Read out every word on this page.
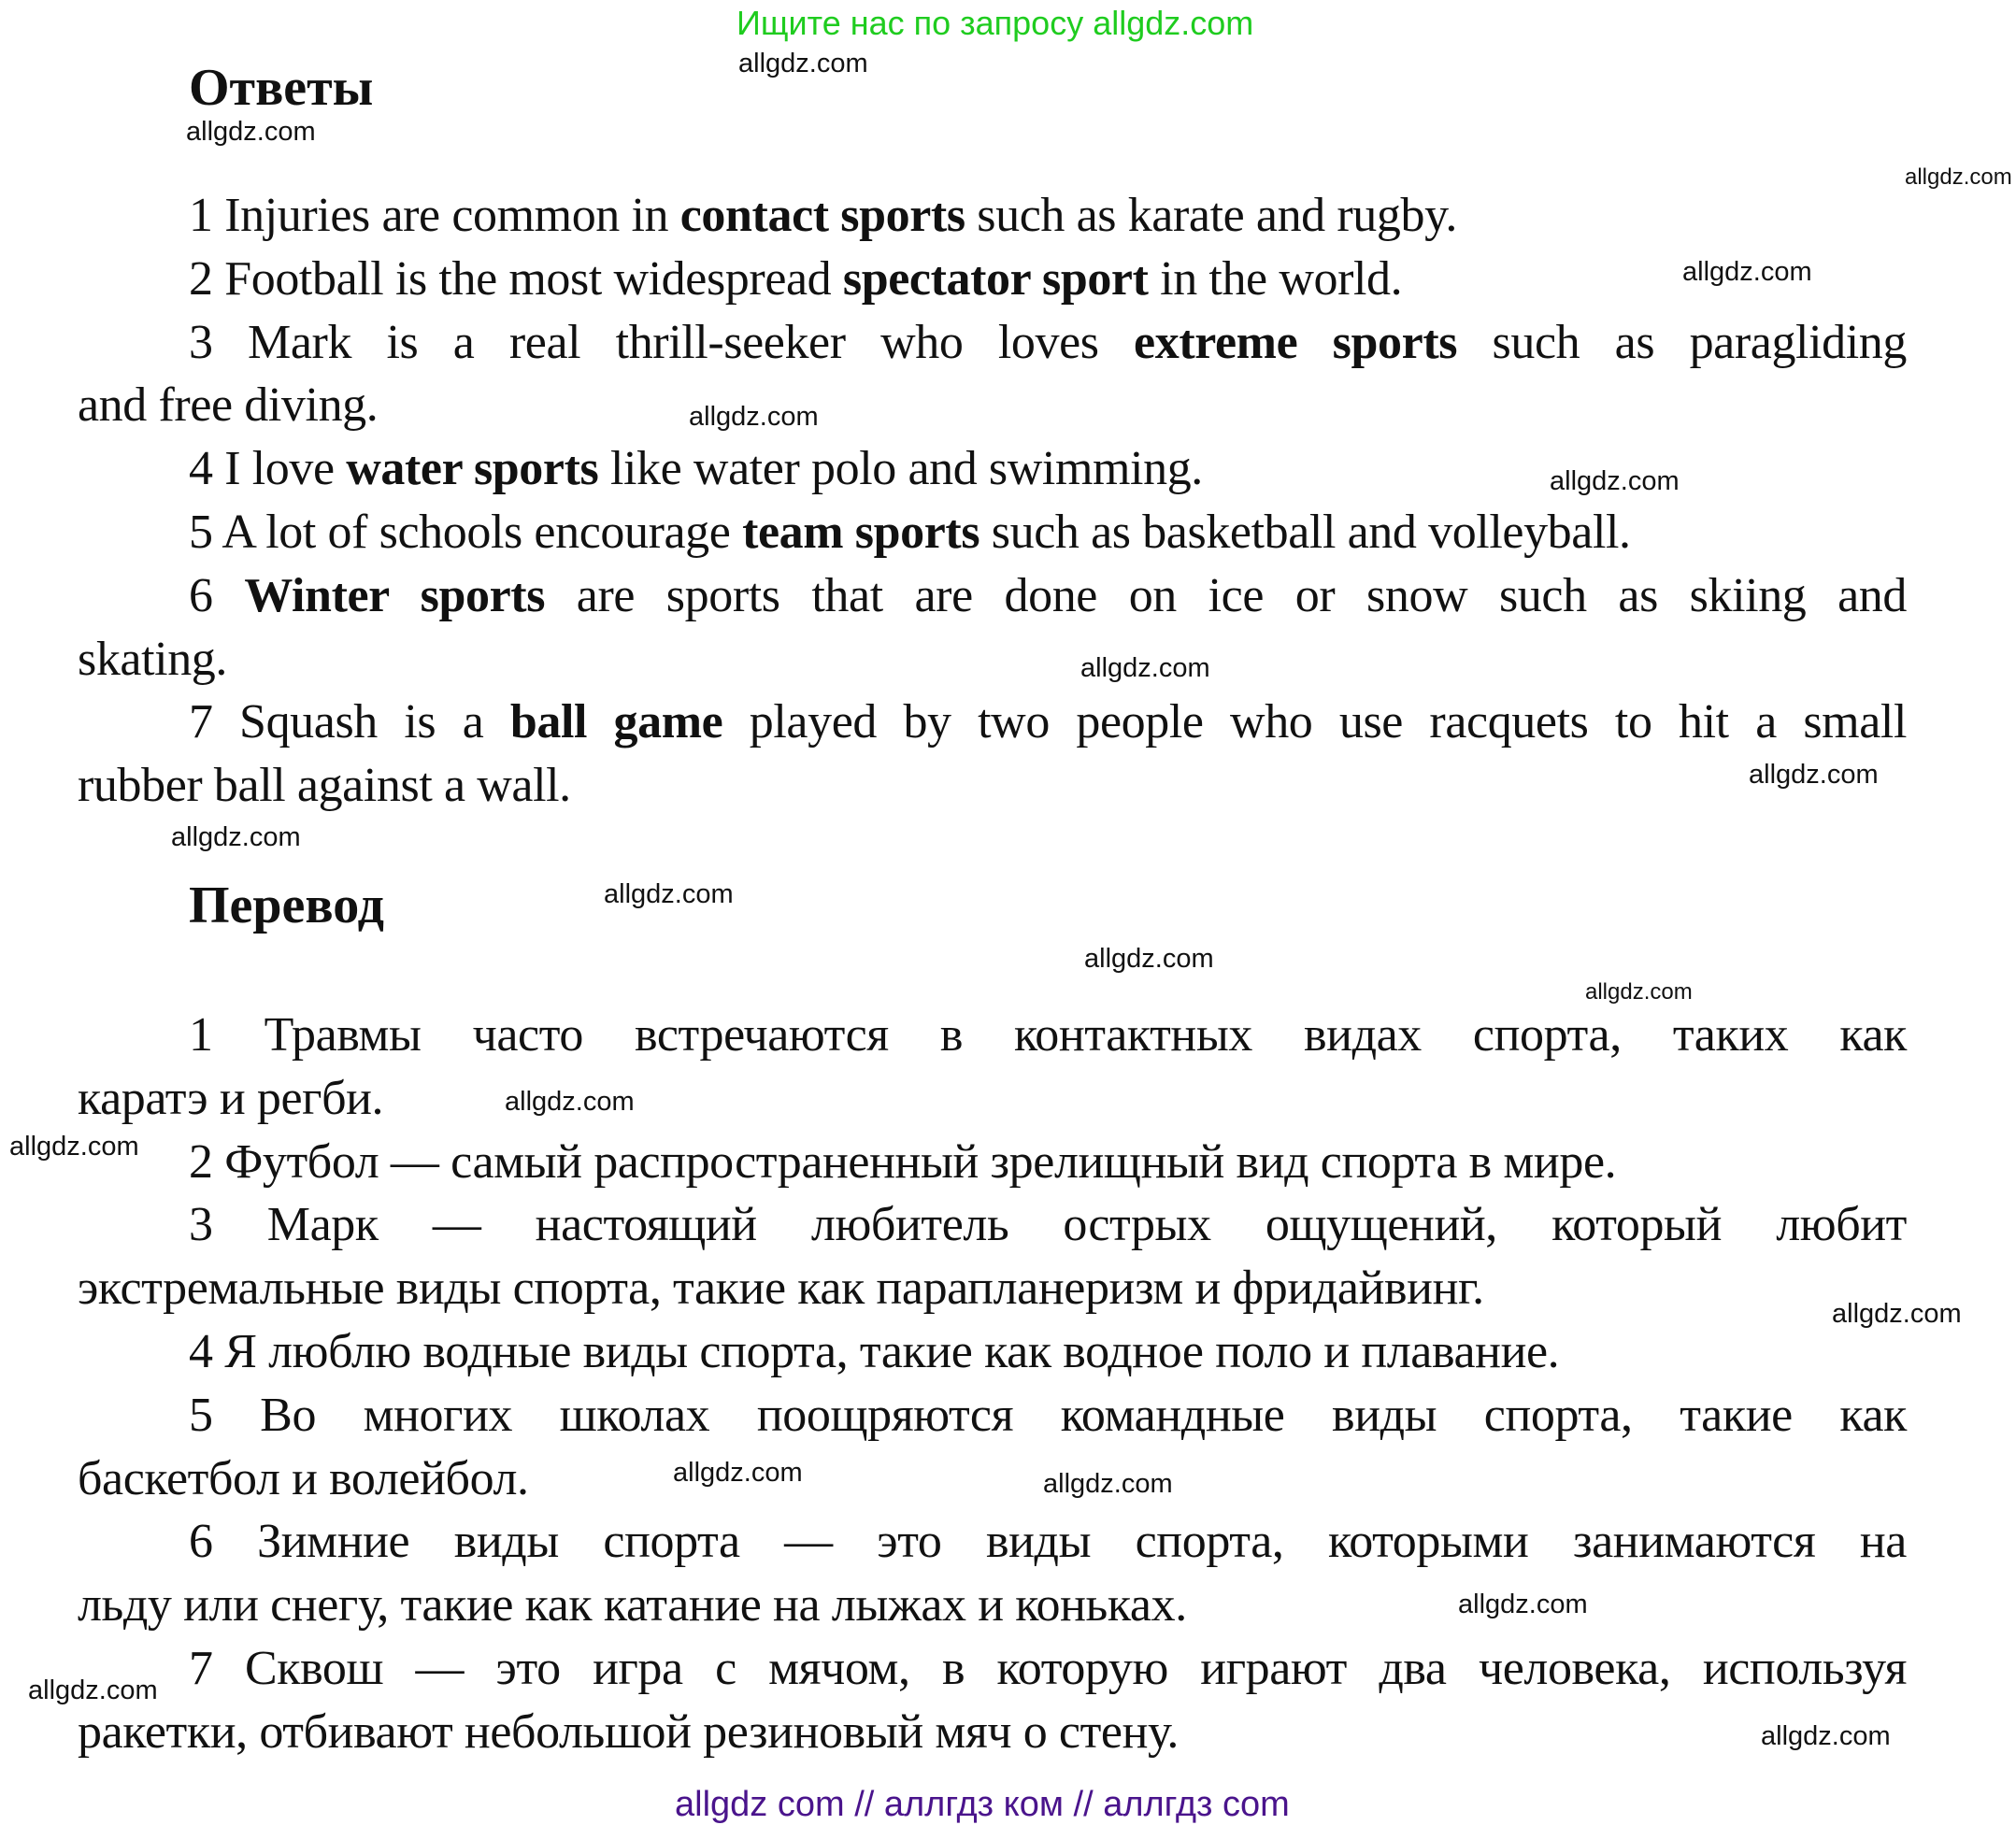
Ищите нас по запросу allgdz.com
Ответы
1 Injuries are common in contact sports such as karate and rugby.
2 Football is the most widespread spectator sport in the world.
3 Mark is a real thrill-seeker who loves extreme sports such as paragliding
and free diving.
4 I love water sports like water polo and swimming.
5 A lot of schools encourage team sports such as basketball and volleyball.
6 Winter sports are sports that are done on ice or snow such as skiing and
skating.
7 Squash is a ball game played by two people who use racquets to hit a small
rubber ball against a wall.
Перевод
1 Травмы часто встречаются в контактных видах спорта, таких как
каратэ и регби.
2 Футбол — самый распространенный зрелищный вид спорта в мире.
3 Марк — настоящий любитель острых ощущений, который любит
экстремальные виды спорта, такие как парапланеризм и фридайвинг.
4 Я люблю водные виды спорта, такие как водное поло и плавание.
5 Во многих школах поощряются командные виды спорта, такие как
баскетбол и волейбол.
6 Зимние виды спорта — это виды спорта, которыми занимаются на
льду или снегу, такие как катание на лыжах и коньках.
7 Сквош — это игра с мячом, в которую играют два человека, используя
ракетки, отбивают небольшой резиновый мяч о стену.
allgdz.com
allgdz.com
allgdz.com
allgdz.com
allgdz.com
allgdz.com
allgdz.com
allgdz.com
allgdz.com
allgdz.com
allgdz.com
allgdz.com
allgdz.com
allgdz.com
allgdz.com
allgdz.com	allgdz.com
allgdz.com
allgdz.com
allgdz.com
allgdz com // аллгдз ком // аллгдз com
